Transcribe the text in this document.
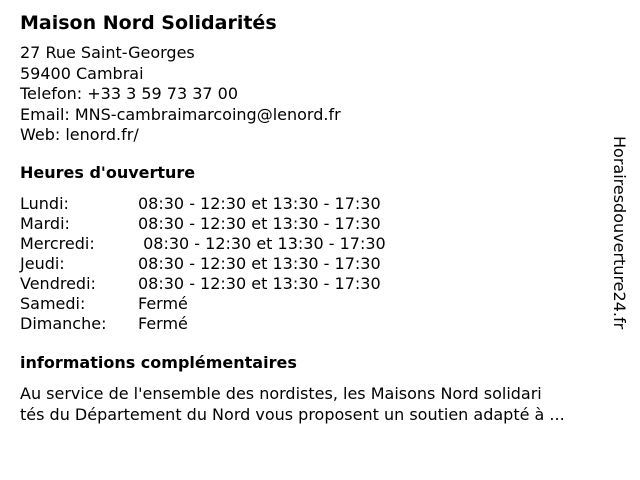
Maison Nord Solidarités
27 Rue Saint-Georges
59400 Cambrai
Telefon: +33 3 59 73 37 00
Email: MNS-cambraimarcoing@lenord.fr
Web: lenord.fr/
Heures d'ouverture
Lundi:	08:30 - 12:30 et 13:30 - 17:30
Mardi:	08:30 - 12:30 et 13:30 - 17:30
Mercredi:	08:30 - 12:30 et 13:30 - 17:30
Jeudi:	08:30 - 12:30 et 13:30 - 17:30
Vendredi:	08:30 - 12:30 et 13:30 - 17:30
Samedi:	Fermé
Dimanche: Fermé
informations complémentaires
Au service de l'ensemble des nordistes, les Maisons Nord solidari
tés du Département du Nord vous proposent un soutien adapté à ...
Horairesdouverture24.fr
